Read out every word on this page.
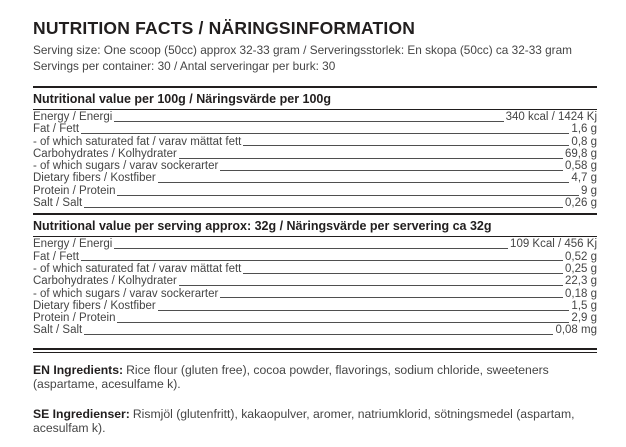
NUTRITION FACTS / NÄRINGSINFORMATION
Serving size: One scoop (50cc) approx 32-33 gram / Serveringsstorlek: En skopa (50cc) ca 32-33 gram
Servings per container: 30 / Antal serveringar per burk: 30
Nutritional value per 100g / Näringsvärde per 100g
Energy / Energi	340 kcal / 1424 Kj
Fat / Fett	1,6 g
- of which saturated fat / varav mättat fett	0,8 g
Carbohydrates / Kolhydrater	69,8 g
- of which sugars / varav sockerarter	0,58 g
Dietary fibers / Kostfiber	4,7 g
Protein / Protein	9 g
Salt / Salt	0,26 g
Nutritional value per serving approx: 32g / Näringsvärde per servering ca 32g
Energy / Energi	109 Kcal / 456 Kj
Fat / Fett	0,52 g
- of which saturated fat / varav mättat fett	0,25 g
Carbohydrates / Kolhydrater	22,3 g
- of which sugars / varav sockerarter	0,18 g
Dietary fibers / Kostfiber	1,5 g
Protein / Protein	2,9 g
Salt / Salt	0,08 mg

EN Ingredients: Rice flour (gluten free), cocoa powder, flavorings, sodium chloride, sweeteners (aspartame, acesulfame k).

SE Ingredienser: Rismjöl (glutenfritt), kakaopulver, aromer, natriumklorid, sötningsmedel (aspartam, acesulfam k).
